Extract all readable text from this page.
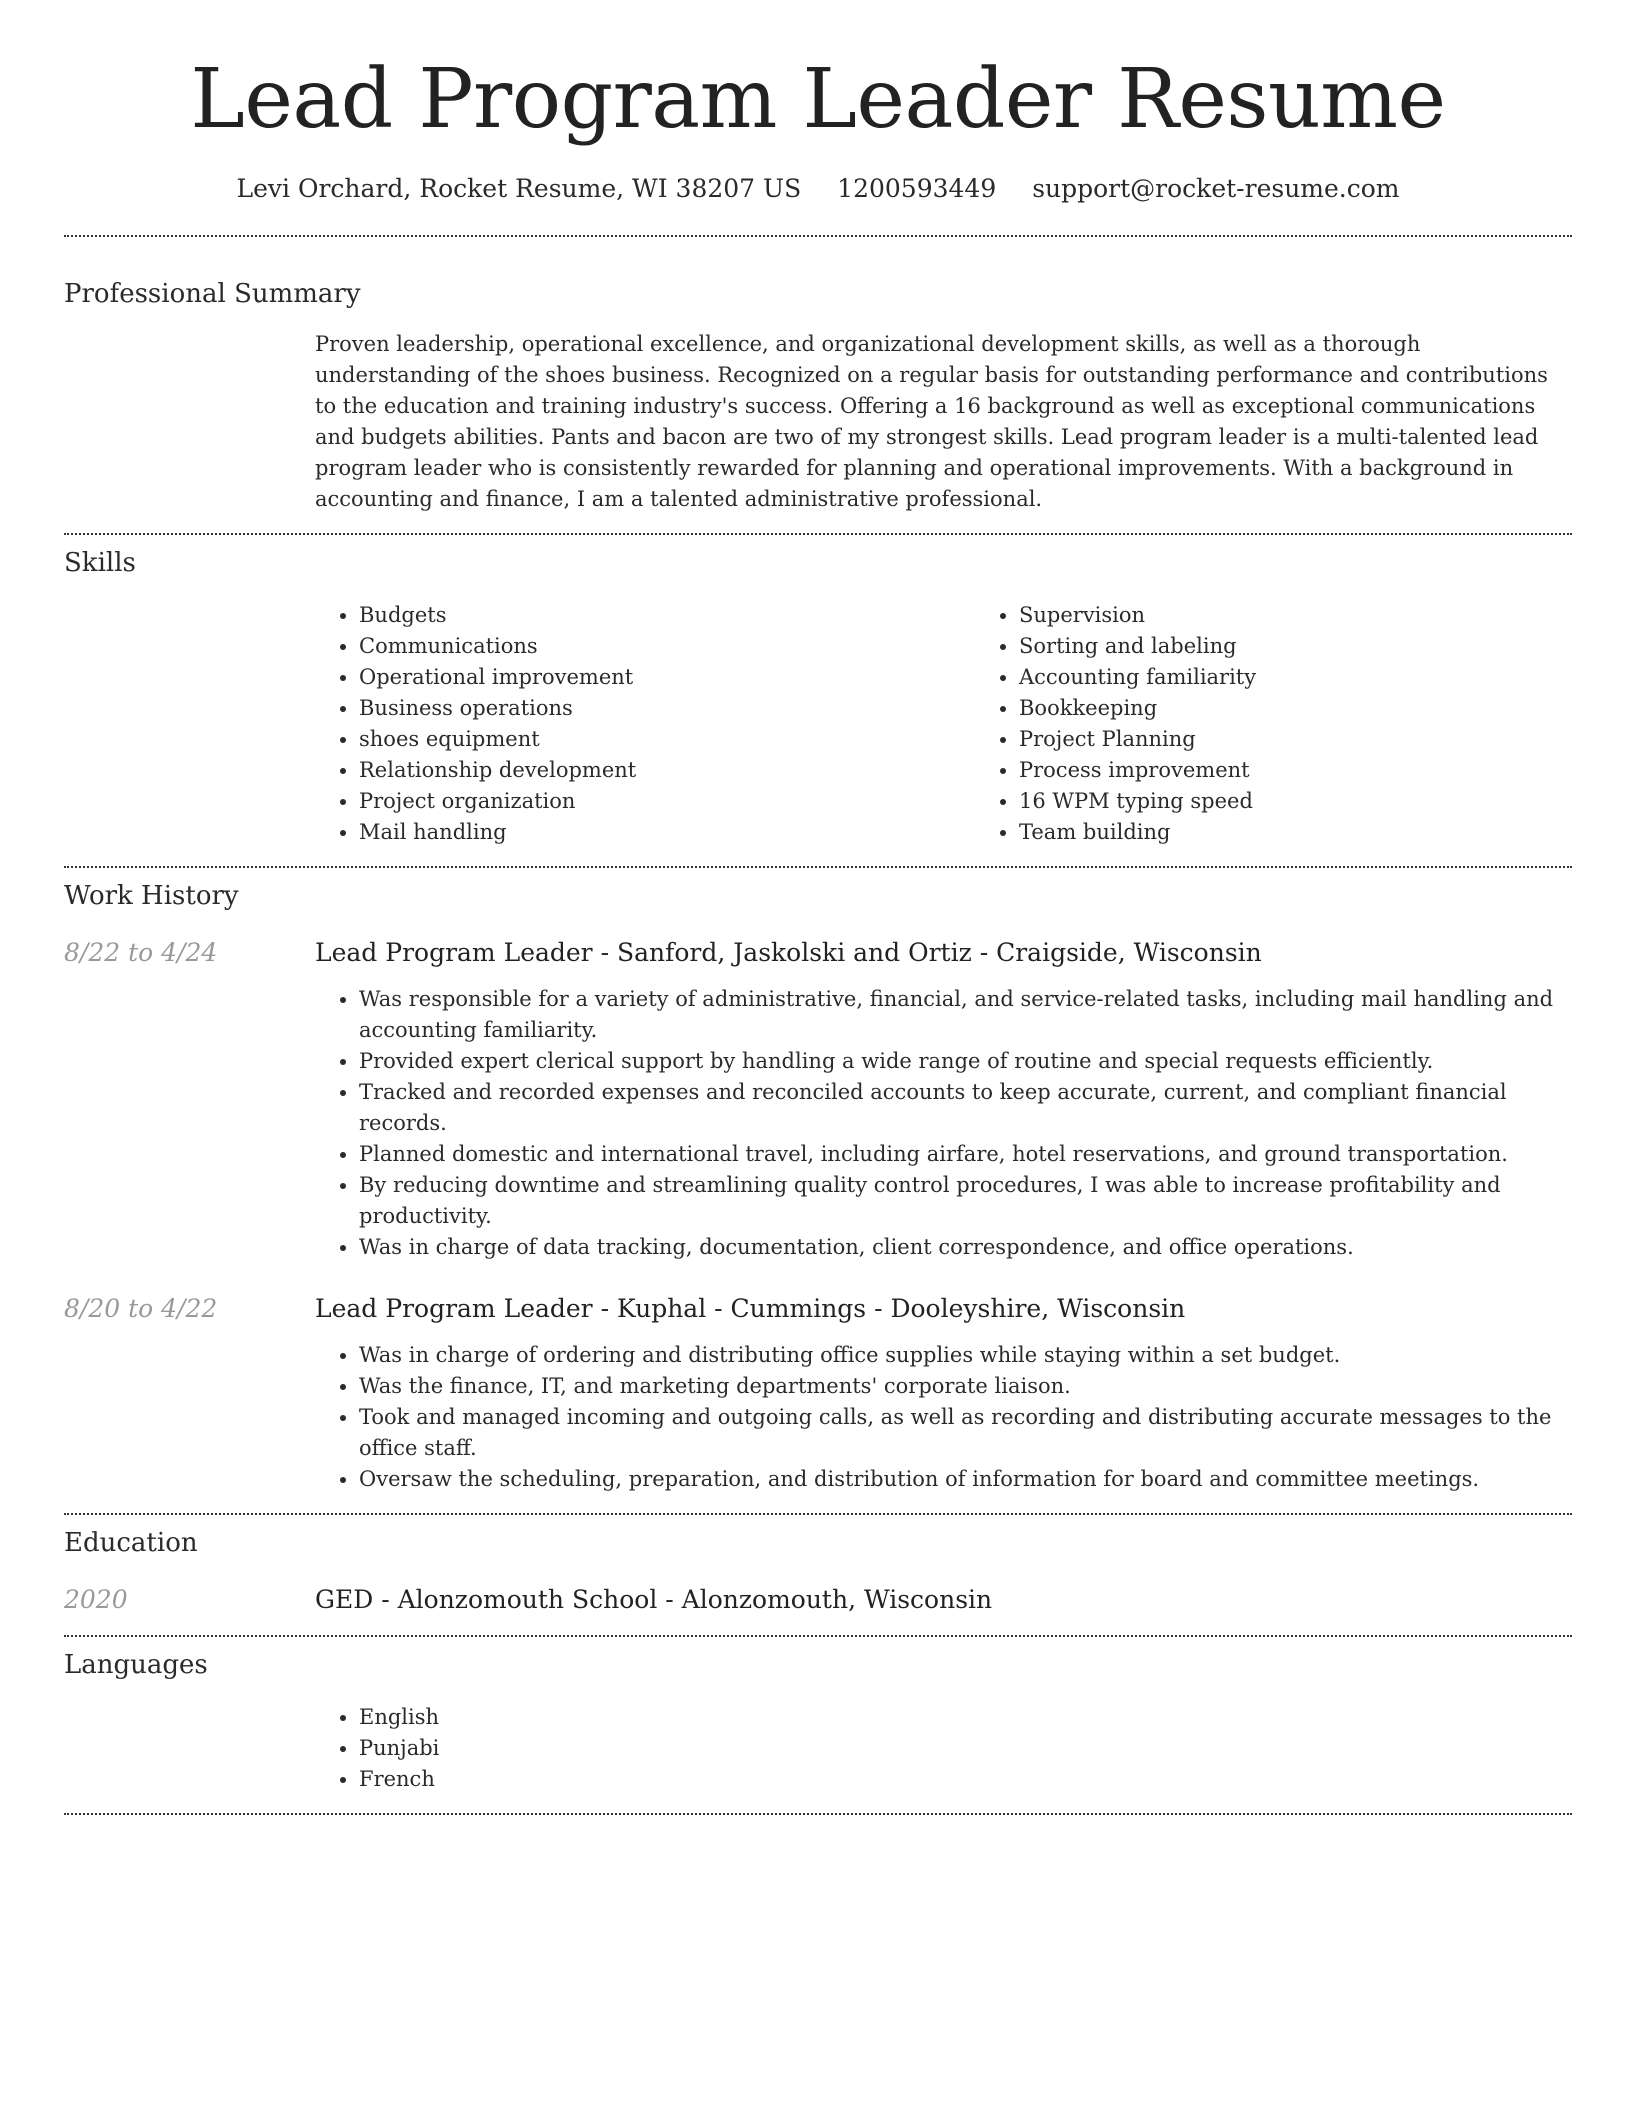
Lead Program Leader Resume
Levi Orchard, Rocket Resume, WI 38207 US 1200593449 support@rocket-resume.com
Professional Summary

Proven leadership, operational excellence, and organizational development skills, as well as a thorough understanding of the shoes business. Recognized on a regular basis for outstanding performance and contributions to the education and training industry's success. Offering a 16 background as well as exceptional communications and budgets abilities. Pants and bacon are two of my strongest skills. Lead program leader is a multi-talented lead program leader who is consistently rewarded for planning and operational improvements. With a background in accounting and finance, I am a talented administrative professional.

Skills
• Budgets
• Communications
• Operational improvement
• Business operations
• shoes equipment
• Relationship development
• Project organization
• Mail handling
• Supervision
• Sorting and labeling
• Accounting familiarity
• Bookkeeping
• Project Planning
• Process improvement
• 16 WPM typing speed
• Team building
Work History
8/22 to 4/24	Lead Program Leader - Sanford, Jaskolski and Ortiz - Craigside, Wisconsin
• Was responsible for a variety of administrative, financial, and service-related tasks, including mail handling and accounting familiarity.
• Provided expert clerical support by handling a wide range of routine and special requests efficiently.
• Tracked and recorded expenses and reconciled accounts to keep accurate, current, and compliant financial records.
• Planned domestic and international travel, including airfare, hotel reservations, and ground transportation.
• By reducing downtime and streamlining quality control procedures, I was able to increase profitability and productivity.
• Was in charge of data tracking, documentation, client correspondence, and office operations.
8/20 to 4/22	Lead Program Leader - Kuphal - Cummings - Dooleyshire, Wisconsin
• Was in charge of ordering and distributing office supplies while staying within a set budget.
• Was the finance, IT, and marketing departments' corporate liaison.
• Took and managed incoming and outgoing calls, as well as recording and distributing accurate messages to the office staff.
• Oversaw the scheduling, preparation, and distribution of information for board and committee meetings.
Education
2020	GED - Alonzomouth School - Alonzomouth, Wisconsin
Languages
• English
• Punjabi
• French
